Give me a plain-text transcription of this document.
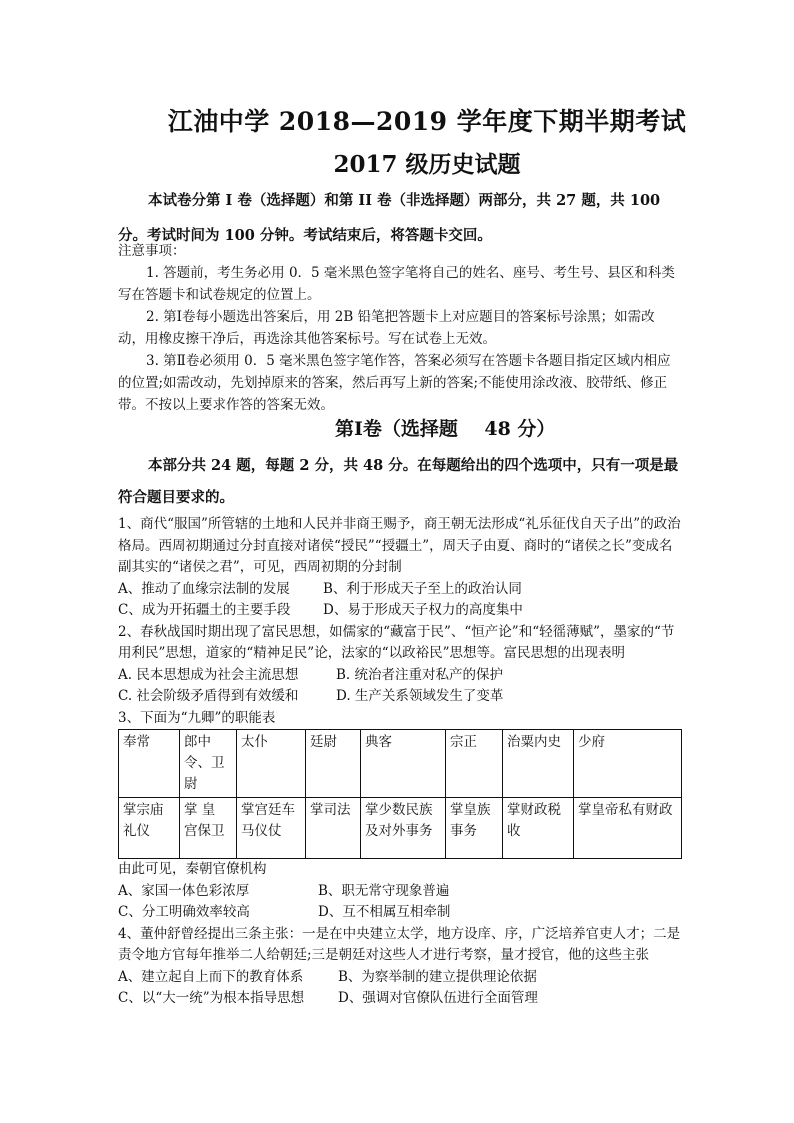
江油中学 2018—2019 学年度下期半期考试
2017 级历史试题
本试卷分第 I 卷（选择题）和第 II 卷（非选择题）两部分，共 27 题，共 100 分。考试时间为 100 分钟。考试结束后，将答题卡交回。
注意事项：

1. 答题前，考生务必用 0．5 毫米黑色签字笔将自己的姓名、座号、考生号、县区和科类写在答题卡和试卷规定的位置上。

2. 第Ⅰ卷每小题选出答案后，用 2B 铅笔把答题卡上对应题目的答案标号涂黑；如需改动，用橡皮擦干净后，再选涂其他答案标号。写在试卷上无效。

3. 第Ⅱ卷必须用 0．5 毫米黑色签字笔作答，答案必须写在答题卡各题目指定区域内相应的位置;如需改动，先划掉原来的答案，然后再写上新的答案;不能使用涂改液、胶带纸、修正带。不按以上要求作答的答案无效。

第Ⅰ卷（选择题    48 分）
本部分共 24 题，每题 2 分，共 48 分。在每题给出的四个选项中，只有一项是最符合题目要求的。

1、商代“服国”所管辖的土地和人民并非商王赐予，商王朝无法形成“礼乐征伐自天子出”的政治格局。西周初期通过分封直接对诸侯“授民”“授疆土”，周天子由夏、商时的“诸侯之长”变成名副其实的“诸侯之君”，可见，西周初期的分封制

A、推动了血缘宗法制的发展	B、利于形成天子至上的政治认同
C、成为开拓疆土的主要手段	D、易于形成天子权力的高度集中

2、春秋战国时期出现了富民思想，如儒家的“藏富于民”、“恒产论”和“轻徭薄赋”，墨家的“节用利民”思想，道家的“精神足民”论，法家的“以政裕民”思想等。富民思想的出现表明

A. 民本思想成为社会主流思想	B. 统治者注重对私产的保护
C. 社会阶级矛盾得到有效缓和	D. 生产关系领域发生了变革

3、下面为“九卿”的职能表

奉常	郎中令、卫尉	太仆	廷尉	典客	宗正	治粟内史	少府
掌宗庙礼仪	掌 皇 宫保卫	掌宫廷车马仪仗	掌司法	掌少数民族及对外事务	掌皇族事务	掌财政税收	掌皇帝私有财政

由此可见，秦朝官僚机构

A、家国一体色彩浓厚	B、职无常守现象普遍
C、分工明确效率较高	D、互不相属互相牵制

4、董仲舒曾经提出三条主张：一是在中央建立太学，地方设庠、序，广泛培养官吏人才；二是责令地方官每年推举二人给朝廷;三是朝廷对这些人才进行考察，量才授官，他的这些主张

A、建立起自上而下的教育体系	B、为察举制的建立提供理论依据
C、以“大一统”为根本指导思想	D、强调对官僚队伍进行全面管理
